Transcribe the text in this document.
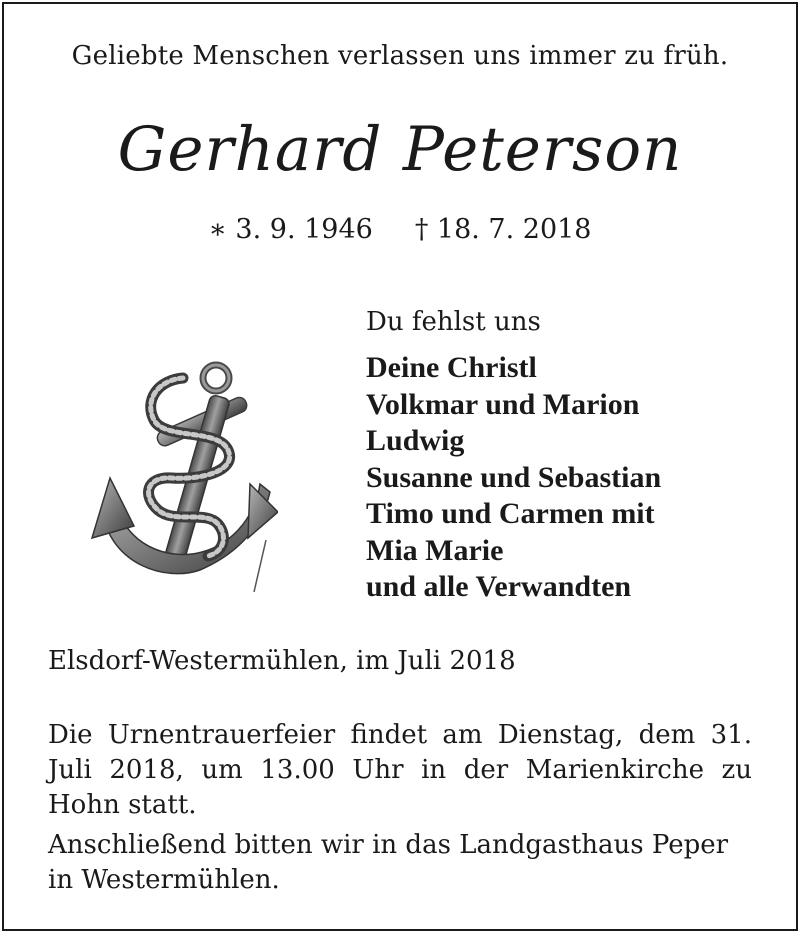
Geliebte Menschen verlassen uns immer zu früh.
Gerhard Peterson
∗ 3. 9. 1946 † 18. 7. 2018
Du fehlst uns
Deine Christl
Volkmar und Marion
Ludwig
Susanne und Sebastian
Timo und Carmen mit
Mia Marie
und alle Verwandten
Elsdorf-Westermühlen, im Juli 2018

Die Urnentrauerfeier findet am Dienstag, dem 31. Juli 2018, um 13.00 Uhr in der Marienkirche zu Hohn statt.

Anschließend bitten wir in das Landgasthaus Peper in Westermühlen.
